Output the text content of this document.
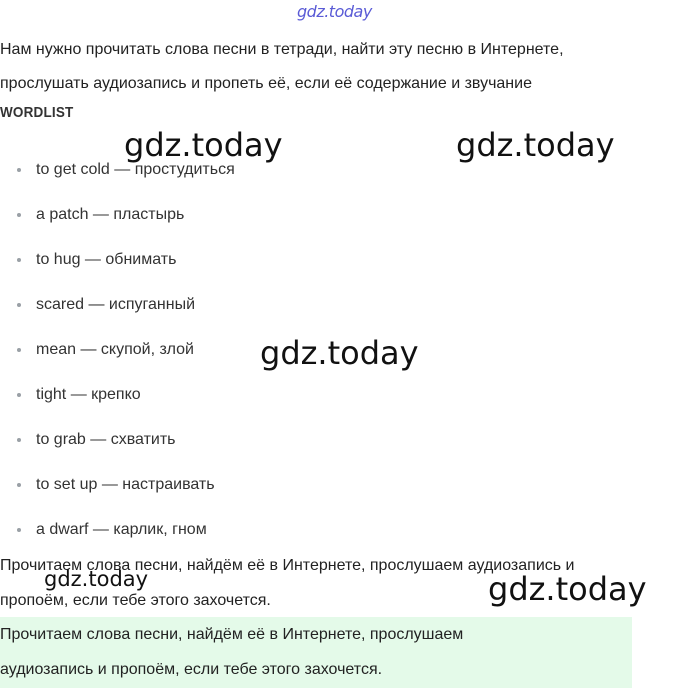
gdz.today
Нам нужно прочитать слова песни в тетради, найти эту песню в Интернете,
прослушать аудиозапись и пропеть её, если её содержание и звучание
WORDLIST
to get cold — простудиться
a patch — пластырь
to hug — обнимать
scared — испуганный
mean — скупой, злой
tight — крепко
to grab — схватить
to set up — настраивать
a dwarf — карлик, гном
Прочитаем слова песни, найдём её в Интернете, прослушаем аудиозапись и
пропоём, если тебе этого захочется.
Прочитаем слова песни, найдём её в Интернете, прослушаем
аудиозапись и пропоём, если тебе этого захочется.
gdz.today	gdz.today
gdz.today
gdz.today	gdz.today
